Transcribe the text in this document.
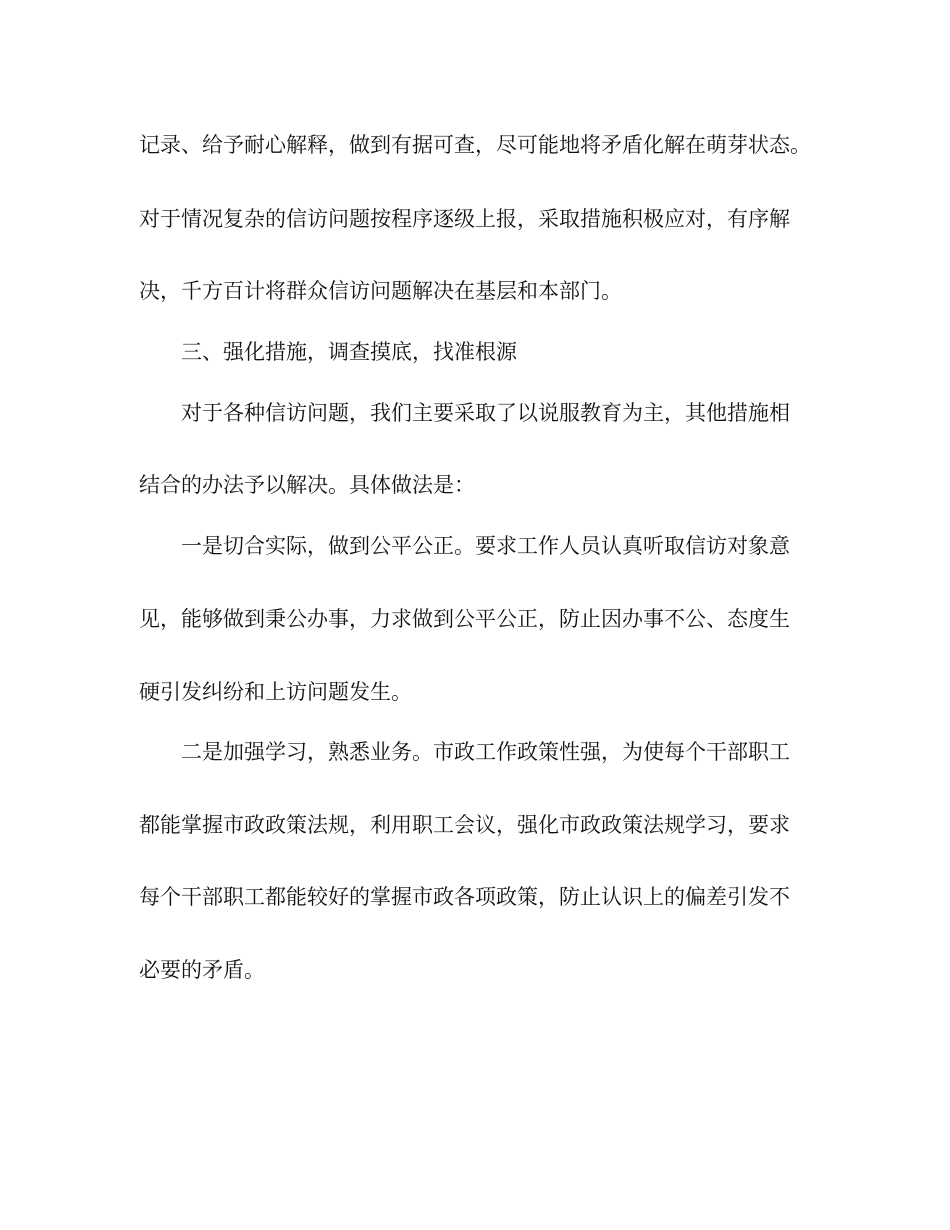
记录、给予耐心解释，做到有据可查，尽可能地将矛盾化解在萌芽状态。
对于情况复杂的信访问题按程序逐级上报，采取措施积极应对，有序解
决，千方百计将群众信访问题解决在基层和本部门。
三、强化措施，调查摸底，找准根源
对于各种信访问题，我们主要采取了以说服教育为主，其他措施相
结合的办法予以解决。具体做法是：
一是切合实际，做到公平公正。要求工作人员认真听取信访对象意
见，能够做到秉公办事，力求做到公平公正，防止因办事不公、态度生
硬引发纠纷和上访问题发生。
二是加强学习，熟悉业务。市政工作政策性强，为使每个干部职工
都能掌握市政政策法规，利用职工会议，强化市政政策法规学习，要求
每个干部职工都能较好的掌握市政各项政策，防止认识上的偏差引发不
必要的矛盾。
